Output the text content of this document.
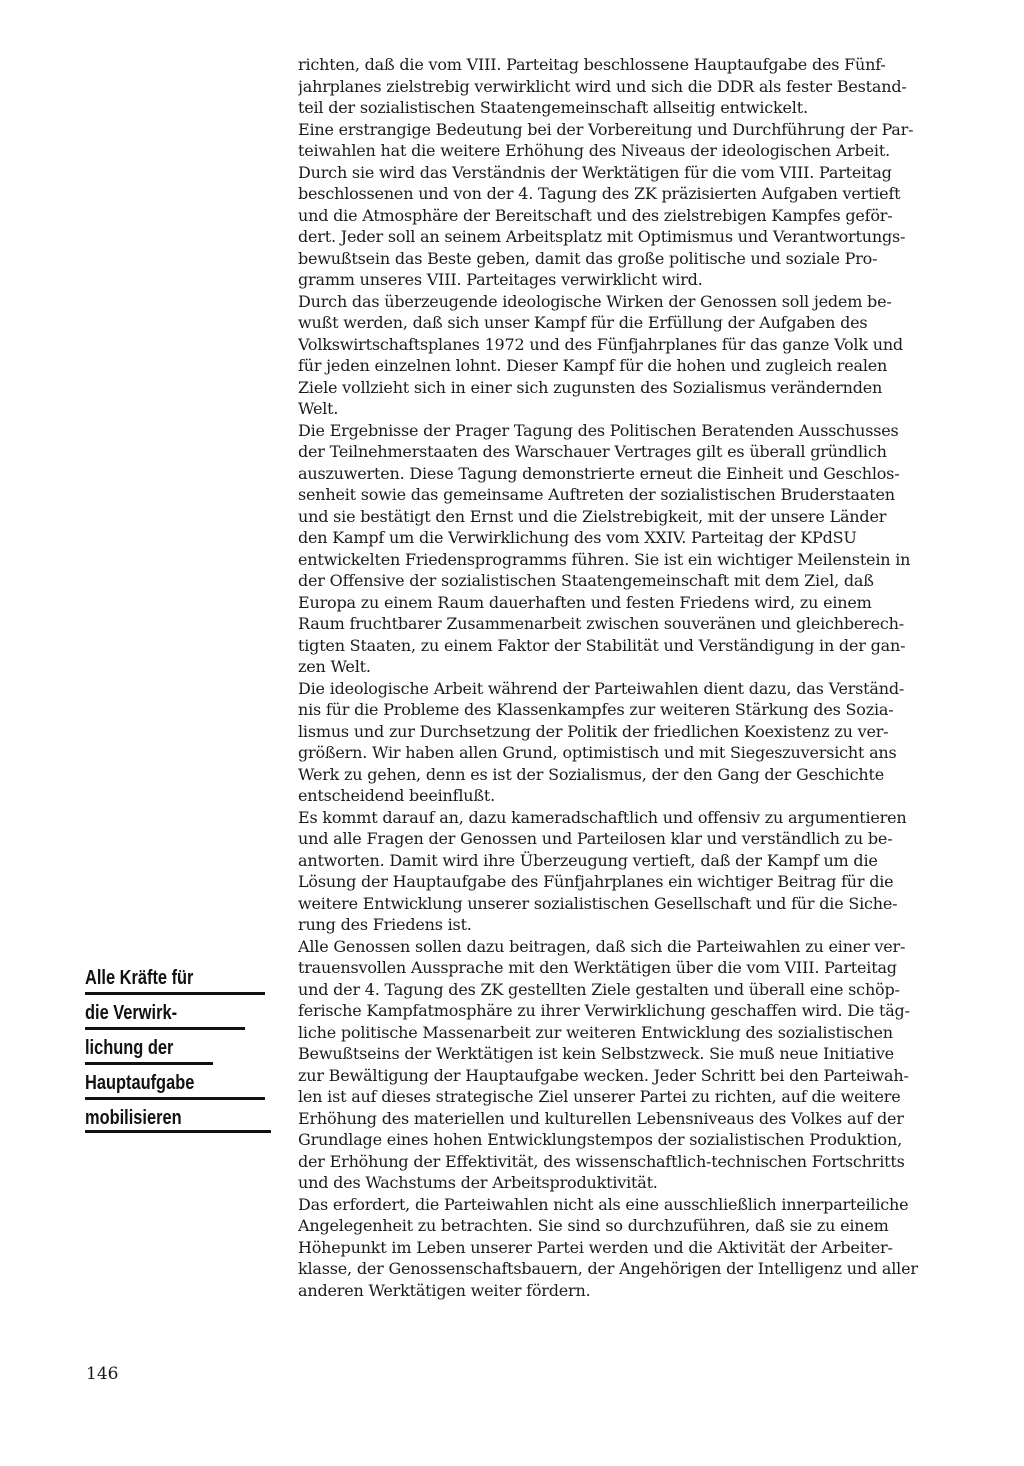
Alle Kräfte für
die Verwirk-
lichung der
Hauptaufgabe
mobilisieren
richten, daß die vom VIII. Parteitag beschlossene Hauptaufgabe des Fünf-
jahrplanes zielstrebig verwirklicht wird und sich die DDR als fester Bestand-
teil der sozialistischen Staatengemeinschaft allseitig entwickelt.
Eine erstrangige Bedeutung bei der Vorbereitung und Durchführung der Par-
teiwahlen hat die weitere Erhöhung des Niveaus der ideologischen Arbeit.
Durch sie wird das Verständnis der Werktätigen für die vom VIII. Parteitag
beschlossenen und von der 4. Tagung des ZK präzisierten Aufgaben vertieft
und die Atmosphäre der Bereitschaft und des zielstrebigen Kampfes geför-
dert. Jeder soll an seinem Arbeitsplatz mit Optimismus und Verantwortungs-
bewußtsein das Beste geben, damit das große politische und soziale Pro-
gramm unseres VIII. Parteitages verwirklicht wird.
Durch das überzeugende ideologische Wirken der Genossen soll jedem be-
wußt werden, daß sich unser Kampf für die Erfüllung der Aufgaben des
Volkswirtschaftsplanes 1972 und des Fünfjahrplanes für das ganze Volk und
für jeden einzelnen lohnt. Dieser Kampf für die hohen und zugleich realen
Ziele vollzieht sich in einer sich zugunsten des Sozialismus verändernden
Welt.
Die Ergebnisse der Prager Tagung des Politischen Beratenden Ausschusses
der Teilnehmerstaaten des Warschauer Vertrages gilt es überall gründlich
auszuwerten. Diese Tagung demonstrierte erneut die Einheit und Geschlos-
senheit sowie das gemeinsame Auftreten der sozialistischen Bruderstaaten
und sie bestätigt den Ernst und die Zielstrebigkeit, mit der unsere Länder
den Kampf um die Verwirklichung des vom XXIV. Parteitag der KPdSU
entwickelten Friedensprogramms führen. Sie ist ein wichtiger Meilenstein in
der Offensive der sozialistischen Staatengemeinschaft mit dem Ziel, daß
Europa zu einem Raum dauerhaften und festen Friedens wird, zu einem
Raum fruchtbarer Zusammenarbeit zwischen souveränen und gleichberech-
tigten Staaten, zu einem Faktor der Stabilität und Verständigung in der gan-
zen Welt.
Die ideologische Arbeit während der Parteiwahlen dient dazu, das Verständ-
nis für die Probleme des Klassenkampfes zur weiteren Stärkung des Sozia-
lismus und zur Durchsetzung der Politik der friedlichen Koexistenz zu ver-
größern. Wir haben allen Grund, optimistisch und mit Siegeszuversicht ans
Werk zu gehen, denn es ist der Sozialismus, der den Gang der Geschichte
entscheidend beeinflußt.
Es kommt darauf an, dazu kameradschaftlich und offensiv zu argumentieren
und alle Fragen der Genossen und Parteilosen klar und verständlich zu be-
antworten. Damit wird ihre Überzeugung vertieft, daß der Kampf um die
Lösung der Hauptaufgabe des Fünfjahrplanes ein wichtiger Beitrag für die
weitere Entwicklung unserer sozialistischen Gesellschaft und für die Siche-
rung des Friedens ist.
Alle Genossen sollen dazu beitragen, daß sich die Parteiwahlen zu einer ver-
trauensvollen Aussprache mit den Werktätigen über die vom VIII. Parteitag
und der 4. Tagung des ZK gestellten Ziele gestalten und überall eine schöp-
ferische Kampfatmosphäre zu ihrer Verwirklichung geschaffen wird. Die täg-
liche politische Massenarbeit zur weiteren Entwicklung des sozialistischen
Bewußtseins der Werktätigen ist kein Selbstzweck. Sie muß neue Initiative
zur Bewältigung der Hauptaufgabe wecken. Jeder Schritt bei den Parteiwah-
len ist auf dieses strategische Ziel unserer Partei zu richten, auf die weitere
Erhöhung des materiellen und kulturellen Lebensniveaus des Volkes auf der
Grundlage eines hohen Entwicklungstempos der sozialistischen Produktion,
der Erhöhung der Effektivität, des wissenschaftlich-technischen Fortschritts
und des Wachstums der Arbeitsproduktivität.
Das erfordert, die Parteiwahlen nicht als eine ausschließlich innerparteiliche
Angelegenheit zu betrachten. Sie sind so durchzuführen, daß sie zu einem
Höhepunkt im Leben unserer Partei werden und die Aktivität der Arbeiter-
klasse, der Genossenschaftsbauern, der Angehörigen der Intelligenz und aller
anderen Werktätigen weiter fördern.
146
